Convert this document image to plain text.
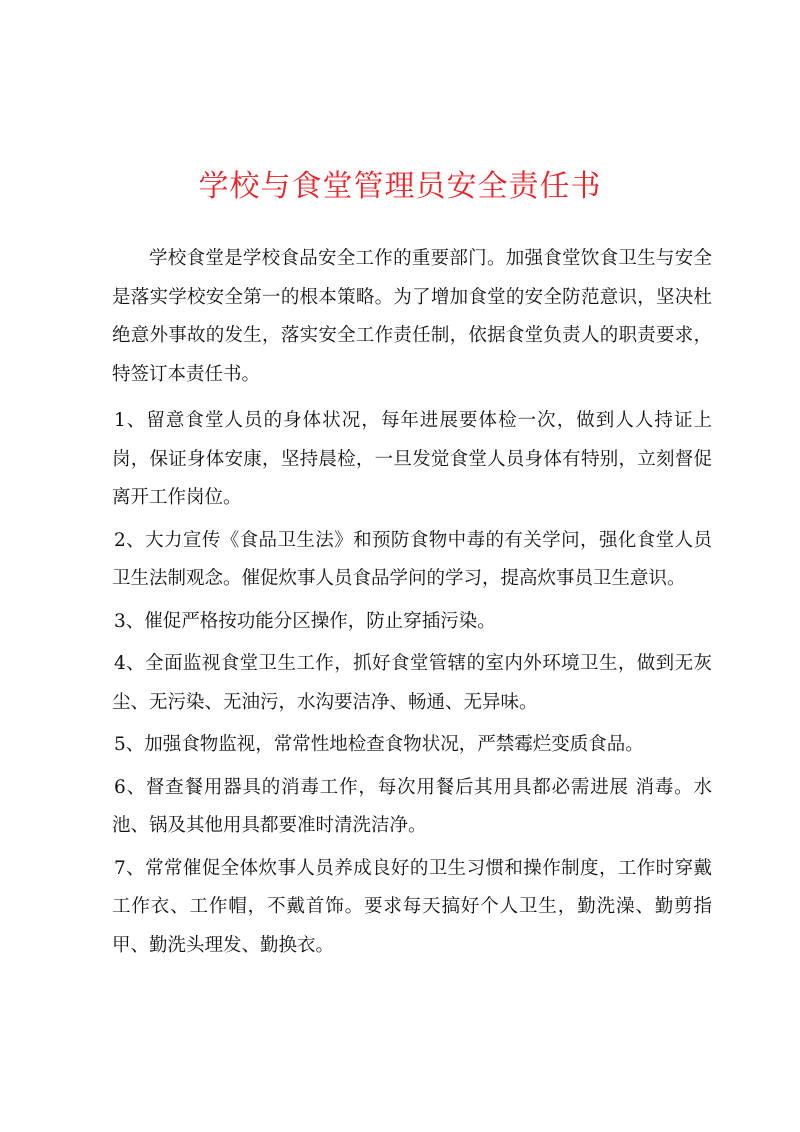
学校与食堂管理员安全责任书

学校食堂是学校食品安全工作的重要部门。加强食堂饮食卫生与安全是落实学校安全第一的根本策略。为了增加食堂的安全防范意识，坚决杜绝意外事故的发生，落实安全工作责任制，依据食堂负责人的职责要求，特签订本责任书。

1、留意食堂人员的身体状况，每年进展要体检一次，做到人人持证上岗，保证身体安康，坚持晨检，一旦发觉食堂人员身体有特别，立刻督促离开工作岗位。

2、大力宣传《食品卫生法》和预防食物中毒的有关学问，强化食堂人员卫生法制观念。催促炊事人员食品学问的学习，提高炊事员卫生意识。

3、催促严格按功能分区操作，防止穿插污染。

4、全面监视食堂卫生工作，抓好食堂管辖的室内外环境卫生，做到无灰尘、无污染、无油污，水沟要洁净、畅通、无异味。

5、加强食物监视，常常性地检查食物状况，严禁霉烂变质食品。

6、督查餐用器具的消毒工作，每次用餐后其用具都必需进展 消毒。水池、锅及其他用具都要准时清洗洁净。

7、常常催促全体炊事人员养成良好的卫生习惯和操作制度，工作时穿戴工作衣、工作帽，不戴首饰。要求每天搞好个人卫生，勤洗澡、勤剪指甲、勤洗头理发、勤换衣。
